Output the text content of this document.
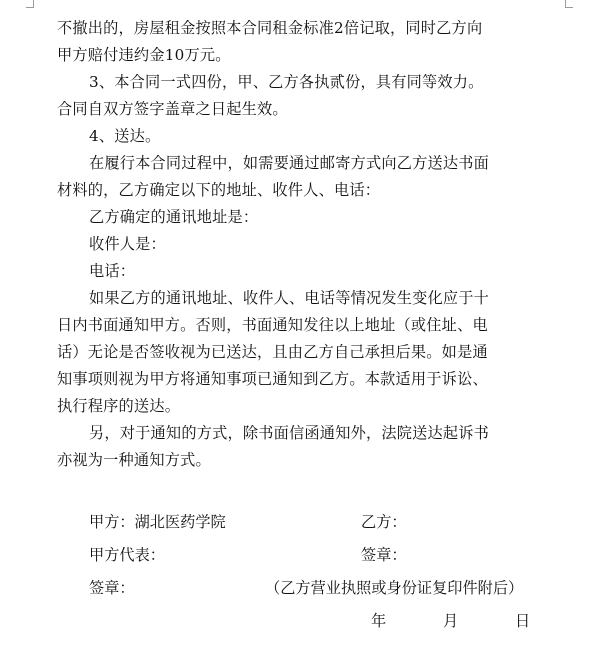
不撤出的，房屋租金按照本合同租金标准2倍记取，同时乙方向
甲方赔付违约金10万元。
3、本合同一式四份，甲、乙方各执贰份，具有同等效力。
合同自双方签字盖章之日起生效。
4、送达。
在履行本合同过程中，如需要通过邮寄方式向乙方送达书面
材料的，乙方确定以下的地址、收件人、电话：
乙方确定的通讯地址是：
收件人是：
电话：
如果乙方的通讯地址、收件人、电话等情况发生变化应于十
日内书面通知甲方。否则，书面通知发往以上地址（或住址、电
话）无论是否签收视为已送达，且由乙方自己承担后果。如是通
知事项则视为甲方将通知事项已通知到乙方。本款适用于诉讼、
执行程序的送达。
另，对于通知的方式，除书面信函通知外，法院送达起诉书
亦视为一种通知方式。
甲方：湖北医药学院	乙方：
甲方代表：	签章：
签章：	（乙方营业执照或身份证复印件附后）
年	月	日
